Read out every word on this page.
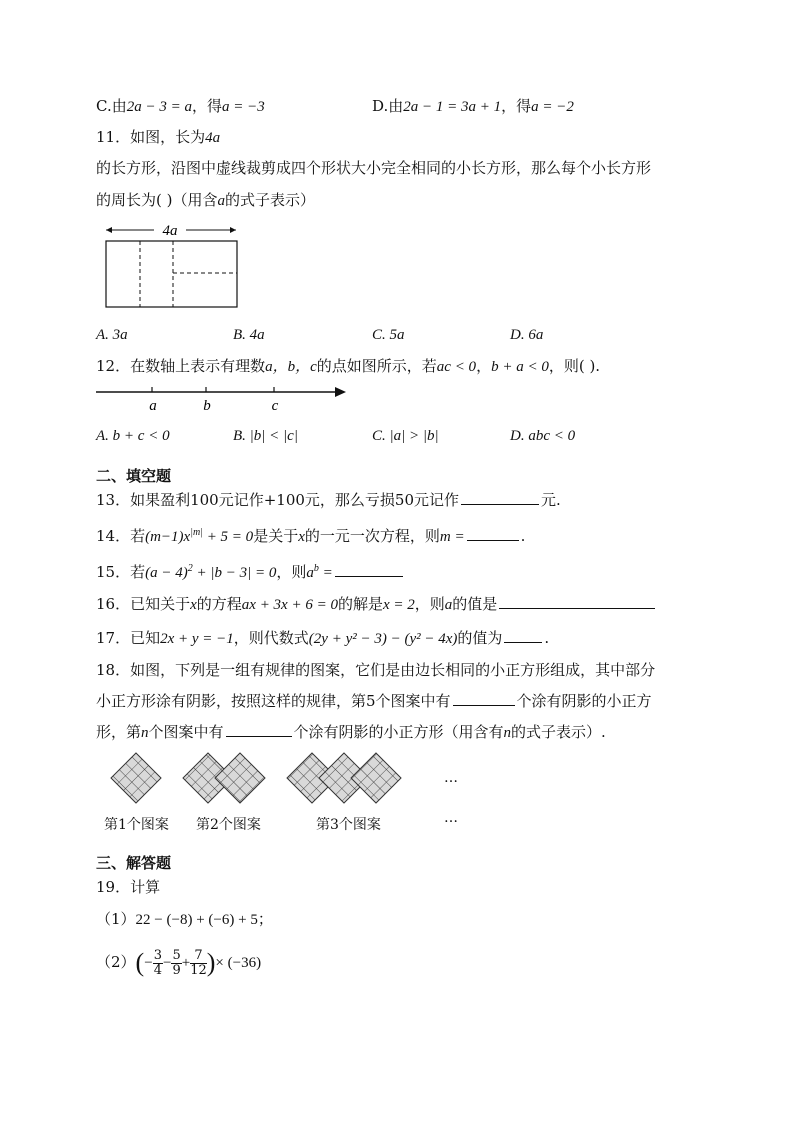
C.由2a − 3 = a，得a = −3	D.由2a − 1 = 3a + 1，得a = −2
11．如图，长为4a
的长方形，沿图中虚线裁剪成四个形状大小完全相同的小长方形，那么每个小长方形
的周长为( )（用含a的式子表示）
4a
A. 3a	B. 4a	C. 5a	D. 6a
12．在数轴上表示有理数a，b，c的点如图所示，若ac < 0，b + a < 0，则( ).
a	b	c
A. b + c < 0	B. |b| < |c|	C. |a| > |b|	D. abc < 0
二、填空题
13．如果盈利100元记作+100元，那么亏损50元记作	元.
14．若$(m-1)x^{|m|} + 5 = 0$是关于x的一元一次方程，则m =	.
15．若$(a - 4)^2 + |b - 3| = 0$，则$a^b$ =
16．已知关于x的方程ax + 3x + 6 = 0的解是x = 2，则a的值是
17．已知2x + y = −1，则代数式(2y + y² − 3) − (y² − 4x)的值为	.
18．如图，下列是一组有规律的图案，它们是由边长相同的小正方形组成，其中部分
小正方形涂有阴影，按照这样的规律，第5个图案中有	个涂有阴影的小正方
形，第n个图案中有	个涂有阴影的小正方形（用含有n的式子表示）.
…
第1个图案 第2个图案	第3个图案	…
三、解答题
19．计算
（1）22 − (−8) + (−6) + 5；
$(2)(- \frac{3}{4} - \frac{5}{9} + \frac{7}{12}$ )× (−36)
